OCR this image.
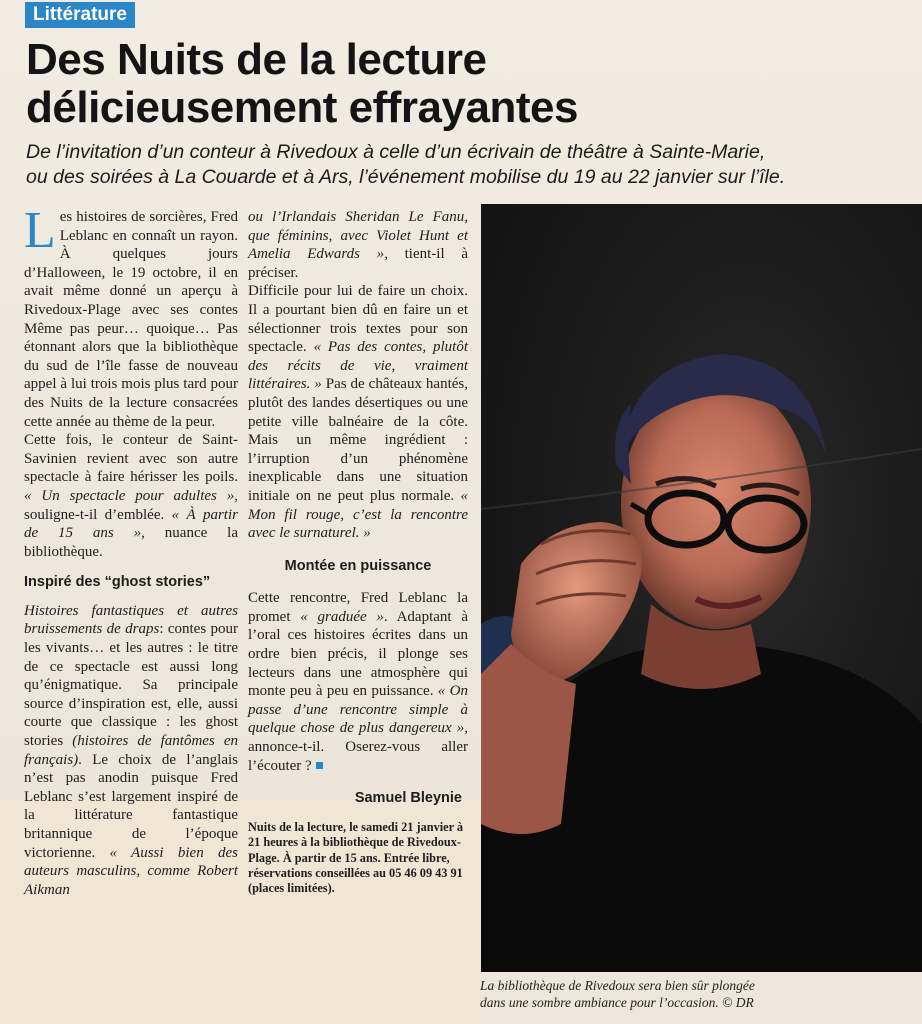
Littérature
Des Nuits de la lecture
délicieusement effrayantes

De l’invitation d’un conteur à Rivedoux à celle d’un écrivain de théâtre à Sainte-Marie,
ou des soirées à La Couarde et à Ars, l’événement mobilise du 19 au 22 janvier sur l’île.

Les histoires de sorcières, Fred Leblanc en connaît un rayon. À quelques jours d’Halloween, le 19 octobre, il en avait même donné un aperçu à Rivedoux-Plage avec ses contes Même pas peur… quoique… Pas étonnant alors que la bibliothèque du sud de l’île fasse de nouveau appel à lui trois mois plus tard pour des Nuits de la lecture consacrées cette année au thème de la peur.

Cette fois, le conteur de Saint-Savinien revient avec son autre spectacle à faire hérisser les poils. « Un spectacle pour adultes », souligne-t-il d’emblée. « À partir de 15 ans », nuance la bibliothèque.

Inspiré des “ghost stories”

Histoires fantastiques et autres bruissements de draps: contes pour les vivants… et les autres : le titre de ce spectacle est aussi long qu’énigmatique. Sa principale source d’inspiration est, elle, aussi courte que classique : les ghost stories (histoires de fantômes en français). Le choix de l’anglais n’est pas anodin puisque Fred Leblanc s’est largement inspiré de la littérature fantastique britannique de l’époque victorienne. « Aussi bien des auteurs masculins, comme Robert Aikman

ou l’Irlandais Sheridan Le Fanu, que féminins, avec Violet Hunt et Amelia Edwards », tient-il à préciser.

Difficile pour lui de faire un choix. Il a pourtant bien dû en faire un et sélectionner trois textes pour son spectacle. « Pas des contes, plutôt des récits de vie, vraiment littéraires. » Pas de châteaux hantés, plutôt des landes désertiques ou une petite ville balnéaire de la côte. Mais un même ingrédient : l’irruption d’un phénomène inexplicable dans une situation initiale on ne peut plus normale. « Mon fil rouge, c’est la rencontre avec le surnaturel. »

Montée en puissance

Cette rencontre, Fred Leblanc la promet « graduée ». Adaptant à l’oral ces histoires écrites dans un ordre bien précis, il plonge ses lecteurs dans une atmosphère qui monte peu à peu en puissance. « On passe d’une rencontre simple à quelque chose de plus dangereux », annonce-t-il. Oserez-vous aller l’écouter ?

Samuel Bleynie

Nuits de la lecture, le samedi 21 janvier à 21 heures à la bibliothèque de Rivedoux-Plage. À partir de 15 ans. Entrée libre, réservations conseillées au 05 46 09 43 91 (places limitées).

La bibliothèque de Rivedoux sera bien sûr plongée
dans une sombre ambiance pour l’occasion. © DR
